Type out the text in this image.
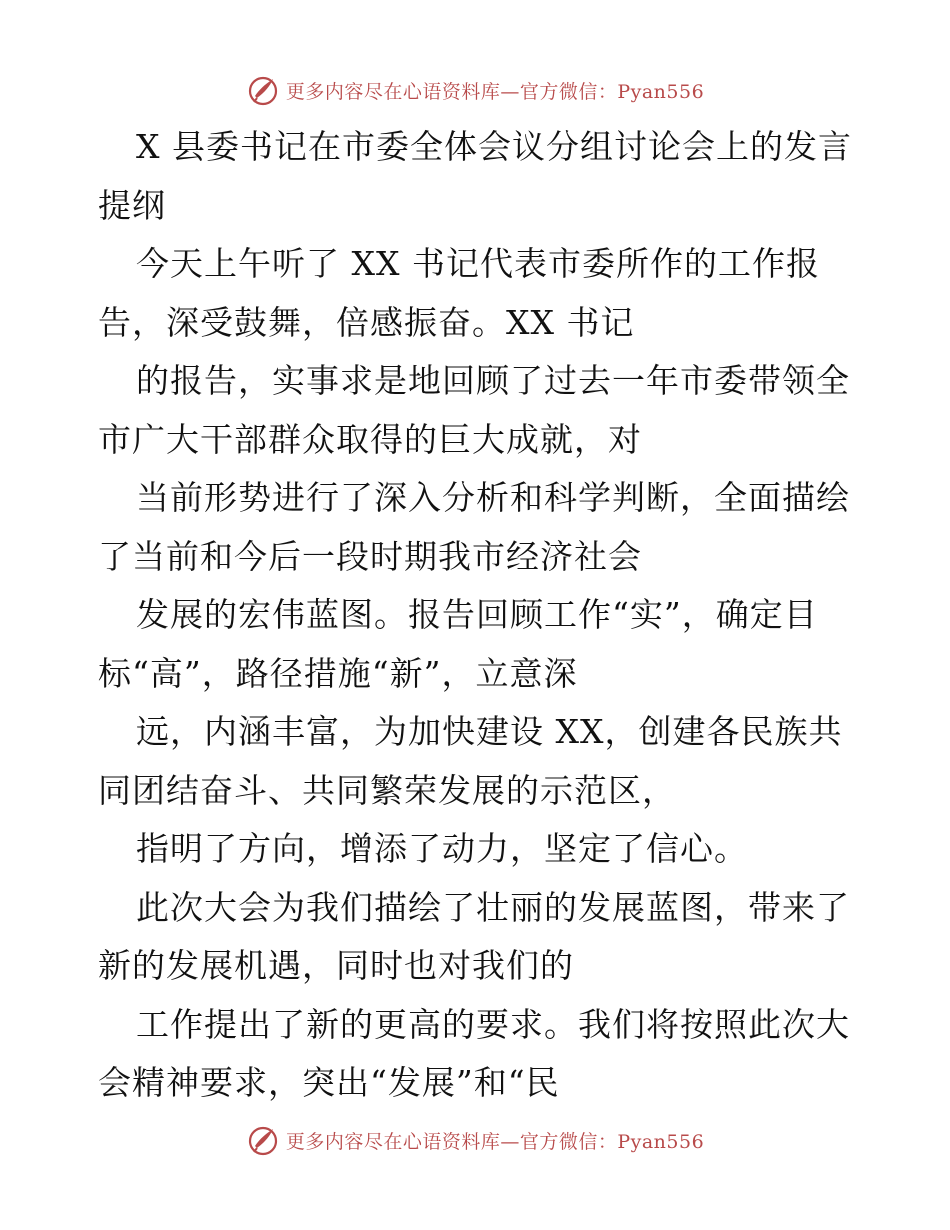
更多内容尽在心语资料库—官方微信：Pyan556
X 县委书记在市委全体会议分组讨论会上的发言
提纲
今天上午听了 XX 书记代表市委所作的工作报
告，深受鼓舞，倍感振奋。XX 书记
的报告，实事求是地回顾了过去一年市委带领全
市广大干部群众取得的巨大成就，对
当前形势进行了深入分析和科学判断，全面描绘
了当前和今后一段时期我市经济社会
发展的宏伟蓝图。报告回顾工作“实”，确定目
标“高”，路径措施“新”，立意深
远，内涵丰富，为加快建设 XX，创建各民族共
同团结奋斗、共同繁荣发展的示范区，
指明了方向，增添了动力，坚定了信心。
此次大会为我们描绘了壮丽的发展蓝图，带来了
新的发展机遇，同时也对我们的
工作提出了新的更高的要求。我们将按照此次大
会精神要求，突出“发展”和“民
更多内容尽在心语资料库—官方微信：Pyan556
